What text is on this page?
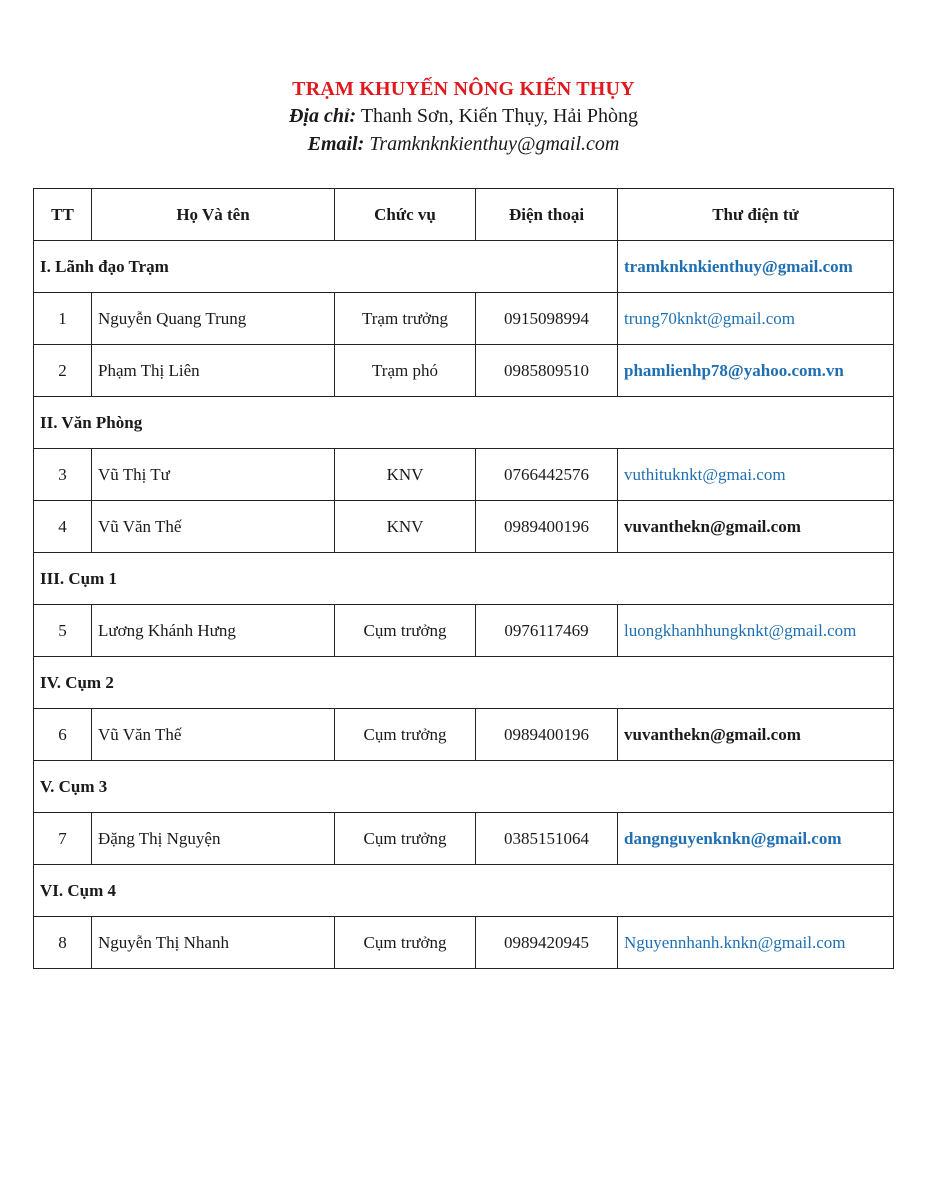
TRẠM KHUYẾN NÔNG KIẾN THỤY

Địa chỉ: Thanh Sơn, Kiến Thụy, Hải Phòng

Email: Tramknknkienthuy@gmail.com

TT	Họ Và tên	Chức vụ	Điện thoại	Thư điện tử
I. Lãnh đạo Trạm				tramknknkienthuy@gmail.com
1	Nguyễn Quang Trung	Trạm trưởng	0915098994	trung70knkt@gmail.com
2	Phạm Thị Liên	Trạm phó	0985809510	phamlienhp78@yahoo.com.vn
II. Văn Phòng				
3	Vũ Thị Tư	KNV	0766442576	vuthituknkt@gmai.com
4	Vũ Văn Thế	KNV	0989400196	vuvanthekn@gmail.com
III. Cụm 1				
5	Lương Khánh Hưng	Cụm trưởng	0976117469	luongkhanhhungknkt@gmail.com
IV. Cụm 2				
6	Vũ Văn Thế	Cụm trưởng	0989400196	vuvanthekn@gmail.com
V. Cụm 3				
7	Đặng Thị Nguyện	Cụm trưởng	0385151064	dangnguyenknkn@gmail.com
VI. Cụm 4				
8	Nguyễn Thị Nhanh	Cụm trưởng	0989420945	Nguyennhanh.knkn@gmail.com
